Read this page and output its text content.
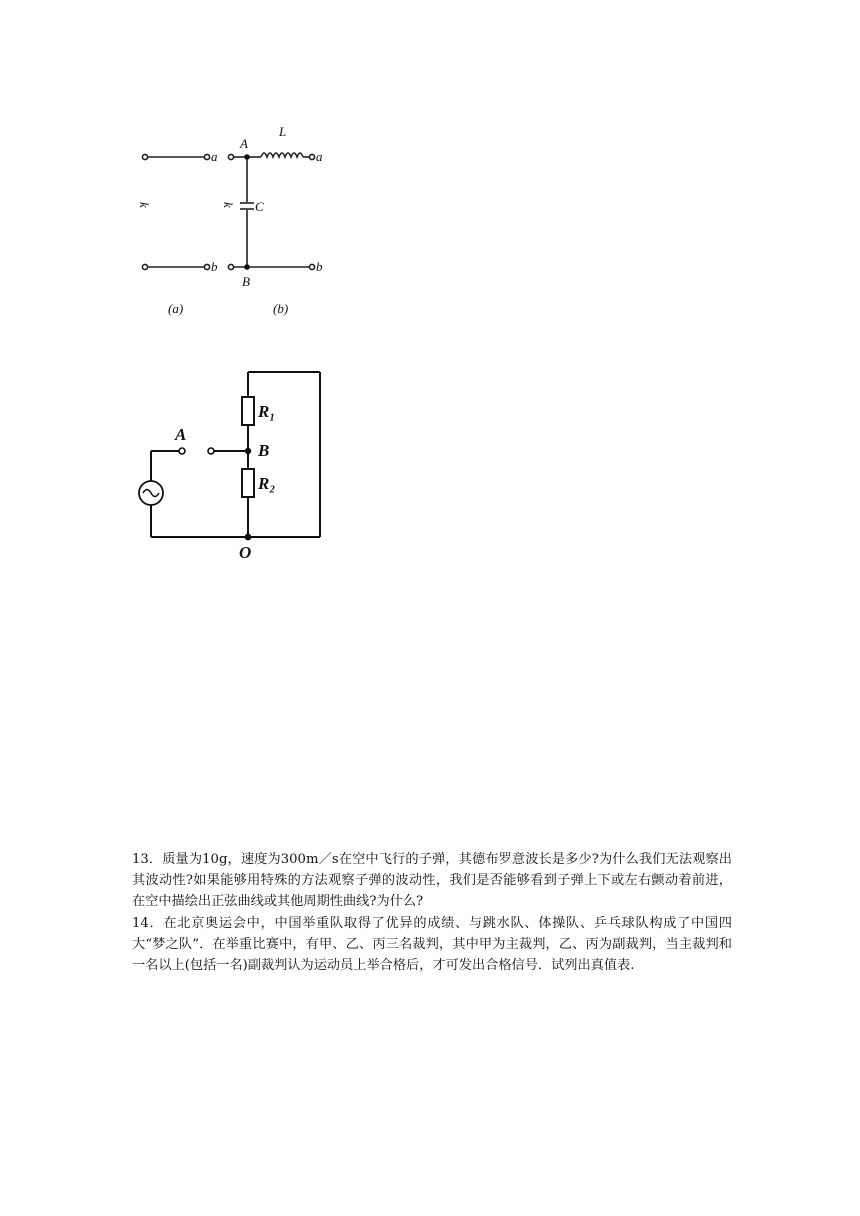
A
L
C
B
a
b
a
b
k	k
(a)	(b)
A
B
O
R₁
R₂

13．质量为10g，速度为300m／s在空中飞行的子弹，其德布罗意波长是多少?为什么我们无法观察出其波动性?如果能够用特殊的方法观察子弹的波动性，我们是否能够看到子弹上下或左右颤动着前进，在空中描绘出正弦曲线或其他周期性曲线?为什么?

14．在北京奥运会中，中国举重队取得了优异的成绩、与跳水队、体操队、乒乓球队构成了中国四大“梦之队”．在举重比赛中，有甲、乙、丙三名裁判，其中甲为主裁判，乙、丙为副裁判，当主裁判和一名以上(包括一名)副裁判认为运动员上举合格后，才可发出合格信号．试列出真值表.
